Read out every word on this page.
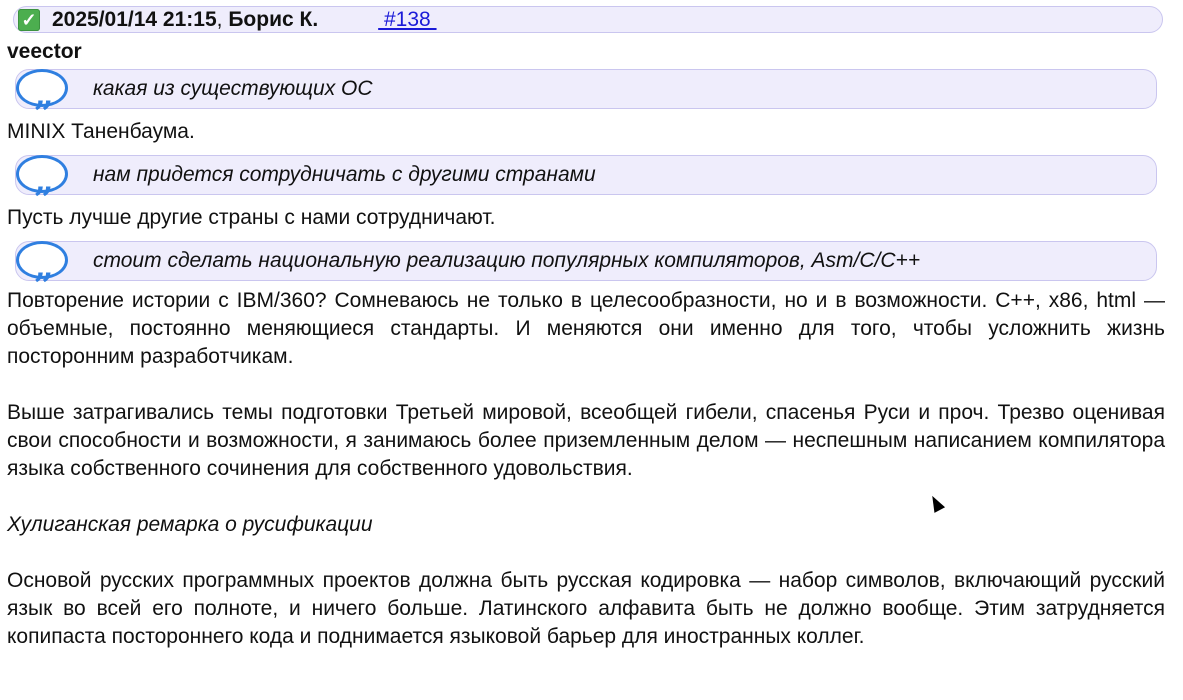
✓ 2025/01/14 21:15 , Борис К.	#138
veector
„	какая из существующих ОС
MINIX Таненбаума.
„	нам придется сотрудничать с другими странами
Пусть лучше другие страны с нами сотрудничают.
„	стоит сделать национальную реализацию популярных компиляторов, Asm/C/C++

Повторение истории с IBM/360? Сомневаюсь не только в целесообразности, но и в возможности. C++, x86, html — объемные, постоянно меняющиеся стандарты. И меняются они именно для того, чтобы усложнить жизнь посторонним разработчикам.

Выше затрагивались темы подготовки Третьей мировой, всеобщей гибели, спасенья Руси и проч. Трезво оценивая свои способности и возможности, я занимаюсь более приземленным делом — неспешным написанием компилятора языка собственного сочинения для собственного удовольствия.

Хулиганская ремарка о русификации

Основой русских программных проектов должна быть русская кодировка — набор символов, включающий русский язык во всей его полноте, и ничего больше. Латинского алфавита быть не должно вообще. Этим затрудняется копипаста постороннего кода и поднимается языковой барьер для иностранных коллег.
